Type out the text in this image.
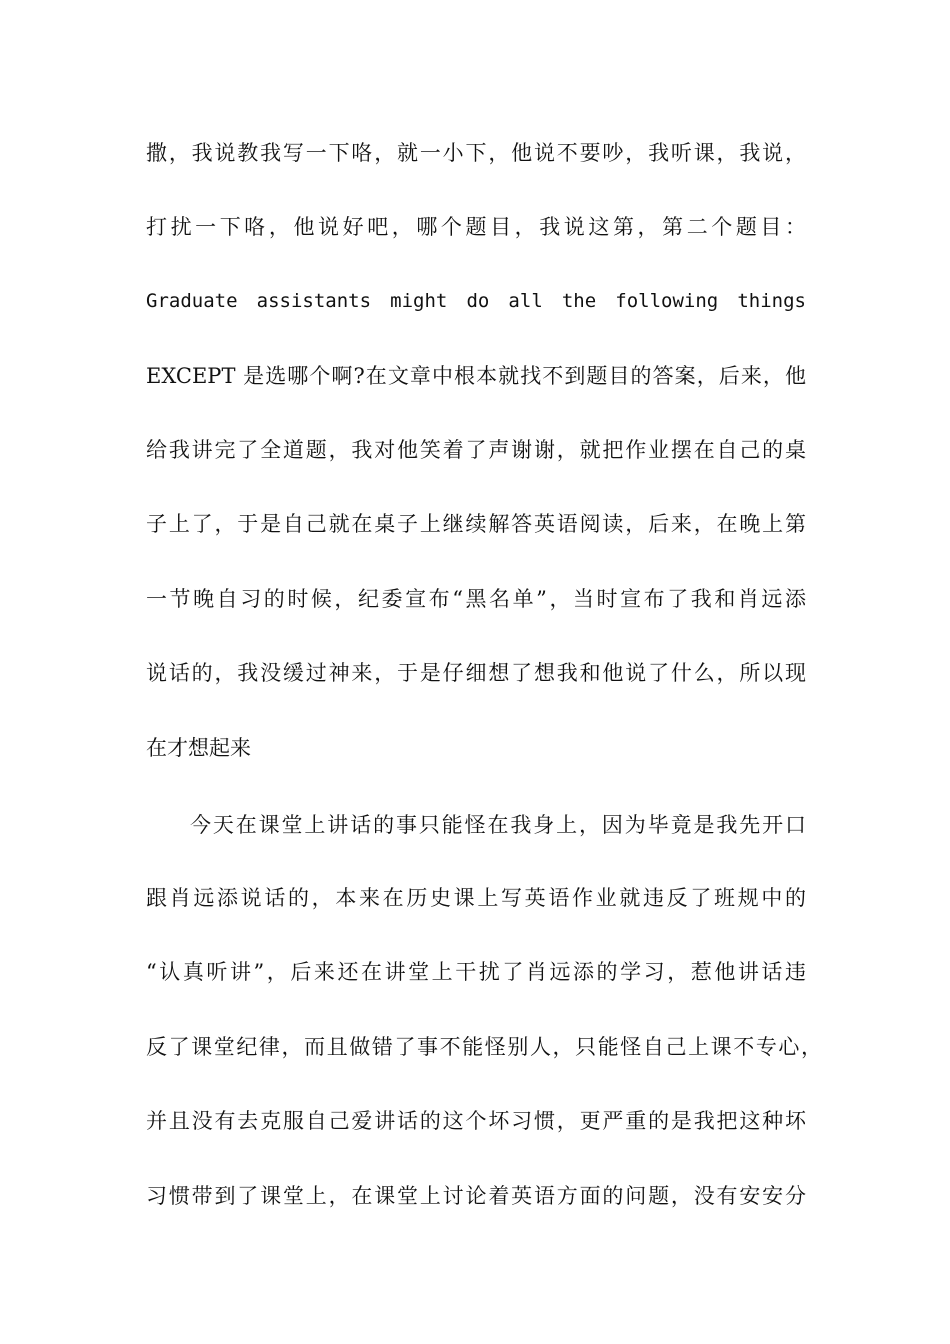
撒，我说教我写一下咯，就一小下，他说不要吵，我听课，我说，
打扰一下咯，他说好吧，哪个题目，我说这第，第二个题目：
Graduate assistants might do all the following things
EXCEPT 是选哪个啊?在文章中根本就找不到题目的答案，后来，他
给我讲完了全道题，我对他笑着了声谢谢，就把作业摆在自己的桌
子上了，于是自己就在桌子上继续解答英语阅读，后来，在晚上第
一节晚自习的时候，纪委宣布“黑名单”，当时宣布了我和肖远添
说话的，我没缓过神来，于是仔细想了想我和他说了什么，所以现
在才想起来
今天在课堂上讲话的事只能怪在我身上，因为毕竟是我先开口
跟肖远添说话的，本来在历史课上写英语作业就违反了班规中的
“认真听讲”，后来还在讲堂上干扰了肖远添的学习，惹他讲话违
反了课堂纪律，而且做错了事不能怪别人，只能怪自己上课不专心，
并且没有去克服自己爱讲话的这个坏习惯，更严重的是我把这种坏
习惯带到了课堂上，在课堂上讨论着英语方面的问题，没有安安分
